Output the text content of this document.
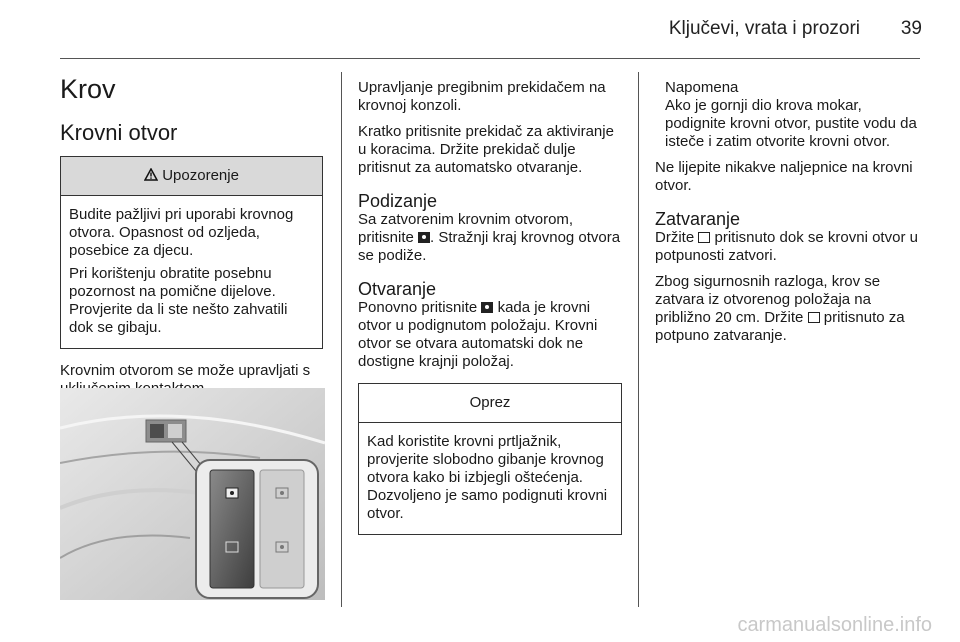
Ključevi, vrata i prozori	39
Krov
Krovni otvor
Upozorenje

Budite pažljivi pri uporabi krovnog otvora. Opasnost od ozljeda, posebice za djecu.

Pri korištenju obratite posebnu pozornost na pomične dijelove. Provjerite da li ste nešto zahvatili dok se gibaju.

Krovnim otvorom se može upravljati s

Upravljanje pregibnim prekidačem na krovnoj konzoli.

Kratko pritisnite prekidač za aktiviranje u koracima. Držite prekidač dulje pritisnut za automatsko otvaranje.

Podizanje

Sa zatvorenim krovnim otvorom, pritisnite . Stražnji kraj krovnog otvora se podiže.

Otvaranje

Ponovno pritisnite kada je krovni otvor u podignutom položaju. Krovni otvor se otvara automatski dok ne dostigne krajnji položaj.

Oprez

Kad koristite krovni prtljažnik, provjerite slobodno gibanje krovnog otvora kako bi izbjegli oštećenja. Dozvoljeno je samo podignuti krovni otvor.

Napomena
Ako je gornji dio krova mokar, podignite krovni otvor, pustite vodu da isteče i zatim otvorite krovni otvor.

Ne lijepite nikakve naljepnice na krovni otvor.

Zatvaranje

Držite pritisnuto dok se krovni otvor u potpunosti zatvori.

Zbog sigurnosnih razloga, krov se zatvara iz otvorenog položaja na približno 20 cm. Držite pritisnuto za potpuno zatvaranje.

carmanualsonline.info
